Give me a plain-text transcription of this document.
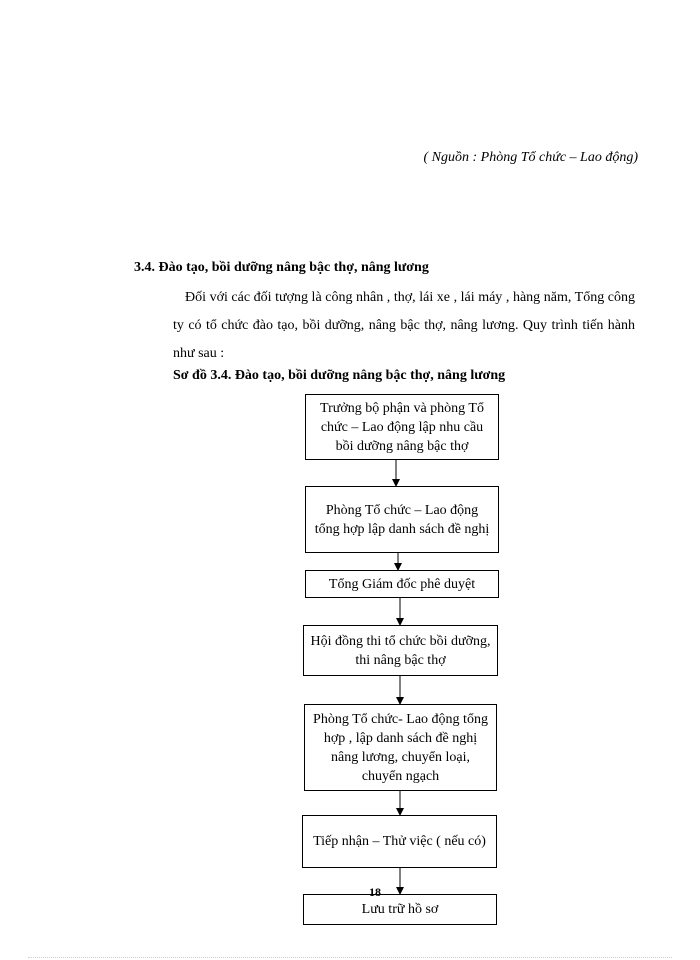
( Nguồn : Phòng Tổ chức – Lao động)
3.4. Đào tạo, bồi dưỡng nâng bậc thợ, nâng lương
Đối với các đối tượng là công nhân , thợ, lái xe , lái máy , hàng năm, Tổng công ty có tổ chức đào tạo, bồi dưỡng, nâng bậc thợ, nâng lương. Quy trình tiến hành như sau :
Sơ đồ 3.4. Đào tạo, bồi dưỡng nâng bậc thợ, nâng lương
Trưởng bộ phận và phòng Tổ chức – Lao động lập nhu cầu bồi dưỡng nâng bậc thợ
Phòng Tổ chức – Lao động tổng hợp lập danh sách đề nghị
Tổng Giám đốc phê duyệt
Hội đồng thi tổ chức bồi dưỡng, thi nâng bậc thợ
Phòng Tổ chức- Lao động tổng hợp , lập danh sách đề nghị nâng lương, chuyển loại, chuyển ngạch
Tiếp nhận – Thử việc ( nếu có)
Lưu trữ hồ sơ
18
